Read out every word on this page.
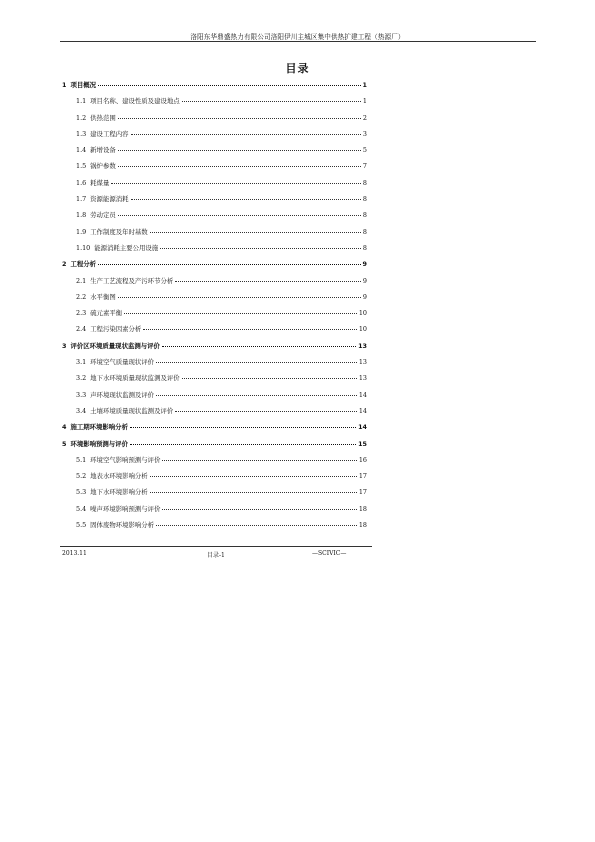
洛阳东华鼎盛热力有限公司洛阳伊川主城区集中供热扩建工程（热源厂）
目录
1 项目概况	1
1.1 项目名称、建设性质及建设地点	1
1.2 供热范围	2
1.3 建设工程内容	3
1.4 新增设备	5
1.5 锅炉参数	7
1.6 耗煤量	8
1.7 资源能源消耗	8
1.8 劳动定员	8
1.9 工作制度及年时基数	8
1.10 能源消耗主要公用设施	8
2 工程分析	9
2.1 生产工艺流程及产污环节分析	9
2.2 水平衡图	9
2.3 硫元素平衡	10
2.4 工程污染因素分析	10
3 评价区环境质量现状监测与评价	13
3.1 环境空气质量现状评价	13
3.2 地下水环境质量现状监测及评价	13
3.3 声环境现状监测及评价	14
3.4 土壤环境质量现状监测及评价	14
4 施工期环境影响分析	14
5 环境影响预测与评价	15
5.1 环境空气影响预测与评价	16
5.2 地表水环境影响分析	17
5.3 地下水环境影响分析	17
5.4 噪声环境影响预测与评价	18
5.5 固体废物环境影响分析	18
2013.11	目录-1	—SCIVIC—
